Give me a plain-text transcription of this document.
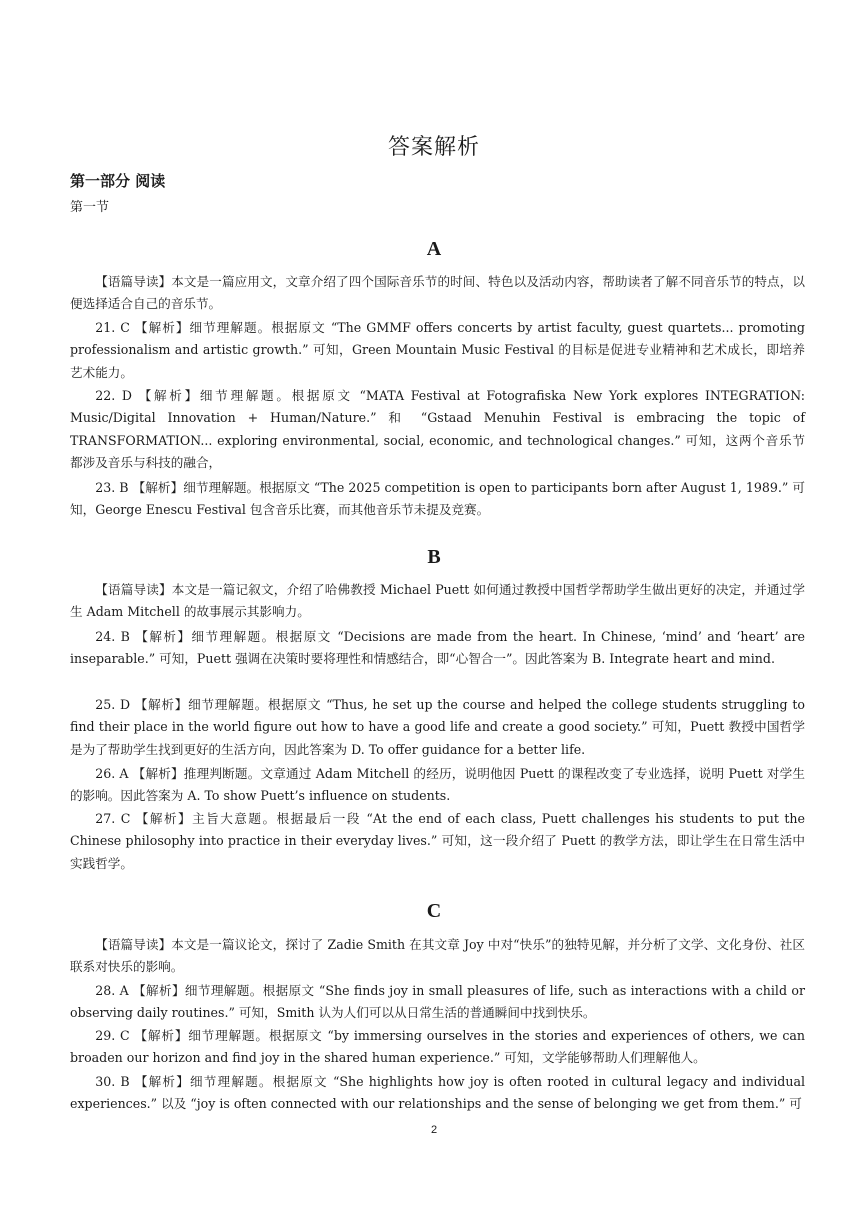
答案解析
第一部分 阅读
第一节
A

【语篇导读】本文是一篇应用文，文章介绍了四个国际音乐节的时间、特色以及活动内容，帮助读者了解不同音乐节的特点，以便选择适合自己的音乐节。

21. C 【解析】细节理解题。根据原文 “The GMMF offers concerts by artist faculty, guest quartets... promoting professionalism and artistic growth.” 可知，Green Mountain Music Festival 的目标是促进专业精神和艺术成长，即培养艺术能力。

22. D 【解析】细节理解题。根据原文 “MATA Festival at Fotografiska New York explores INTEGRATION: Music/Digital Innovation + Human/Nature.” 和 “Gstaad Menuhin Festival is embracing the topic of TRANSFORMATION... exploring environmental, social, economic, and technological changes.” 可知，这两个音乐节都涉及音乐与科技的融合，

23. B 【解析】细节理解题。根据原文 “The 2025 competition is open to participants born after August 1, 1989.” 可知，George Enescu Festival 包含音乐比赛，而其他音乐节未提及竞赛。

B

【语篇导读】本文是一篇记叙文，介绍了哈佛教授 Michael Puett 如何通过教授中国哲学帮助学生做出更好的决定，并通过学生 Adam Mitchell 的故事展示其影响力。

24. B 【解析】细节理解题。根据原文 “Decisions are made from the heart. In Chinese, ‘mind’ and ‘heart’ are inseparable.” 可知，Puett 强调在决策时要将理性和情感结合，即“心智合一”。因此答案为 B. Integrate heart and mind.

25. D 【解析】细节理解题。根据原文 “Thus, he set up the course and helped the college students struggling to find their place in the world figure out how to have a good life and create a good society.” 可知，Puett 教授中国哲学是为了帮助学生找到更好的生活方向，因此答案为 D. To offer guidance for a better life.

26. A 【解析】推理判断题。文章通过 Adam Mitchell 的经历，说明他因 Puett 的课程改变了专业选择，说明 Puett 对学生的影响。因此答案为 A. To show Puett’s influence on students.

27. C 【解析】主旨大意题。根据最后一段 “At the end of each class, Puett challenges his students to put the Chinese philosophy into practice in their everyday lives.” 可知，这一段介绍了 Puett 的教学方法，即让学生在日常生活中实践哲学。

C

【语篇导读】本文是一篇议论文，探讨了 Zadie Smith 在其文章 Joy 中对“快乐”的独特见解，并分析了文学、文化身份、社区联系对快乐的影响。

28. A 【解析】细节理解题。根据原文 “She finds joy in small pleasures of life, such as interactions with a child or observing daily routines.” 可知，Smith 认为人们可以从日常生活的普通瞬间中找到快乐。

29. C 【解析】细节理解题。根据原文 “by immersing ourselves in the stories and experiences of others, we can broaden our horizon and find joy in the shared human experience.” 可知，文学能够帮助人们理解他人。

30. B 【解析】细节理解题。根据原文 “She highlights how joy is often rooted in cultural legacy and individual experiences.” 以及 “joy is often connected with our relationships and the sense of belonging we get from them.” 可

2
